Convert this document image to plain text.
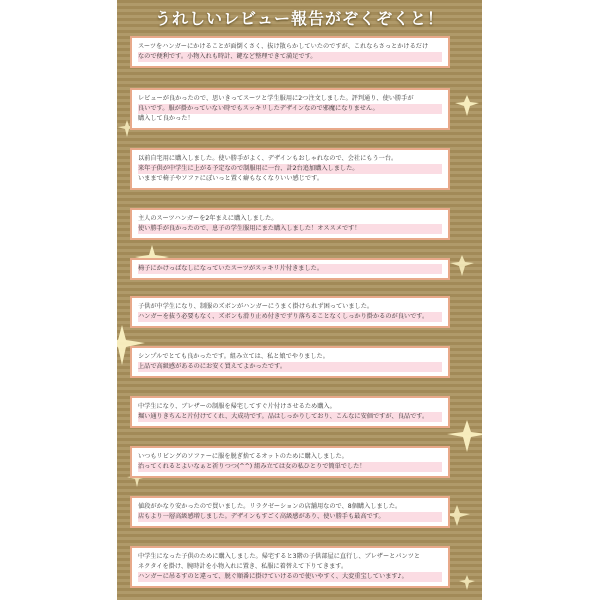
うれしいレビュー報告がぞくぞくと！
スーツをハンガーにかけることが面倒くさく、抜け散らかしていたのですが、これならさっとかけるだけ
なので便利です。小物入れも時計、鍵など整理できて満足です。
レビューが良かったので、思いきってスーツと学生服用に2つ注文しました。評判通り、使い勝手が
良いです。服が掛かっていない時でもスッキリしたデザインなので邪魔になりません。
購入して良かった！
以前自宅用に購入しました。使い勝手がよく、デザインもおしゃれなので、会社にもう一台。
来年子供が中学生に上がる予定なので制服用に一台、計2台追加購入しました。
いままで椅子やソファにぽいっと置く癖もなくなりいい感じです。
主人のスーツハンガーを2年まえに購入しました。
使い勝手が良かったので、息子の学生服用にまた購入しました！オススメです！
椅子にかけっぱなしになっていたスーツがスッキリ片付きました。
子供が中学生になり、制服のズボンがハンガーにうまく掛けられず困っていました。
ハンガーを抜う必要もなく、ズボンも滑り止め付きでずり落ちることなくしっかり掛かるのが良いです。
シンプルでとても良かったです。組み立ては、私と娘でやりました。
上品で高級感があるのにお安く買えてよかったです。
中学生になり、ブレザーの制服を帰宅してすぐ片付けさせるため購入。
堀い通りきちんと片付けてくれ、大成功です。品はしっかりしており、こんなに安価ですが、良品です。
いつもリビングのソファーに服を脱ぎ捨てるオットのために購入しました。
治ってくれるとよいなぁと祈りつつ(^^) 組み立ては女の私ひとりで簡単でした！
値段がかなり安かったので買いました。リラクゼーションの店舗用なので、8個購入しました。
店もより一層高級感増しました。デザインもすごく高級感があり、使い勝手も最高です。
中学生になった子供のために購入しました。帰宅すると3階の子供部屋に直行し、ブレザーとパンツと
ネクタイを掛け、腕時計を小物入れに置き、私服に着替えて下りてきます。
ハンガーに吊るすのと違って、脱ぐ順番に掛けていけるので使いやすく、大変重宝しています♪。
